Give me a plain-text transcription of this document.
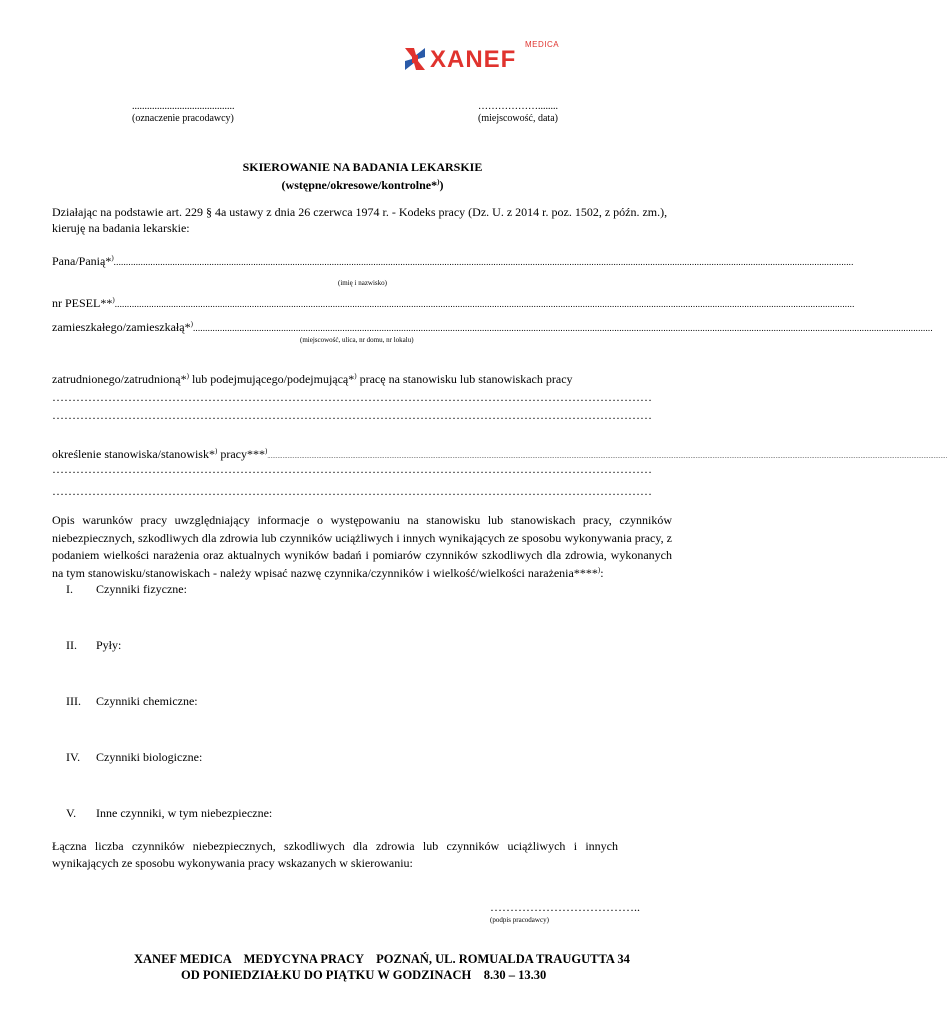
MEDICA
XANEF
.........................................
(oznaczenie pracodawcy)
………………........
(miejscowość, data)
SKIEROWANIE NA BADANIA LEKARSKIE
(wstępne/okresowe/kontrolne*))
Działając na podstawie art. 229 § 4a ustawy z dnia 26 czerwca 1974 r. - Kodeks pracy (Dz. U. z 2014 r. poz. 1502, z późn. zm.), kieruję na badania lekarskie:
Pana/Panią*) ..............................................................................................................................................................................................................................................................................................................
(imię i nazwisko)
nr PESEL**) ..............................................................................................................................................................................................................................................................................................................
zamieszkałego/zamieszkałą*) ..............................................................................................................................................................................................................................................................................................................
(miejscowość, ulica, nr domu, nr lokalu)
zatrudnionego/zatrudnioną*) lub podejmującego/podejmującą*) pracę na stanowisku lub stanowiskach pracy
……………………………………………………………………………………………………………………………………
……………………………………………………………………………………………………………………………………
określenie stanowiska/stanowisk*) pracy***)
................................................................................................................................................................................................................................................................................................................................................................................................................
……………………………………………………………………………………………………………………………………
……………………………………………………………………………………………………………………………………
Opis warunków pracy uwzględniający informacje o występowaniu na stanowisku lub stanowiskach pracy, czynników niebezpiecznych, szkodliwych dla zdrowia lub czynników uciążliwych i innych wynikających ze sposobu wykonywania pracy, z podaniem wielkości narażenia oraz aktualnych wyników badań i pomiarów czynników szkodliwych dla zdrowia, wykonanych na tym stanowisku/stanowiskach - należy wpisać nazwę czynnika/czynników i wielkość/wielkości narażenia****):
I.	Czynniki fizyczne:
II.	Pyły:
III.	Czynniki chemiczne:
IV.	Czynniki biologiczne:
V.	Inne czynniki, w tym niebezpieczne:
Łączna liczba czynników niebezpiecznych, szkodliwych dla zdrowia lub czynników uciążliwych i innych wynikających ze sposobu wykonywania pracy wskazanych w skierowaniu:
………………………………..
(podpis pracodawcy)
XANEF MEDICA    MEDYCYNA PRACY    POZNAŃ, UL. ROMUALDA TRAUGUTTA 34
OD PONIEDZIAŁKU DO PIĄTKU W GODZINACH    8.30 – 13.30
